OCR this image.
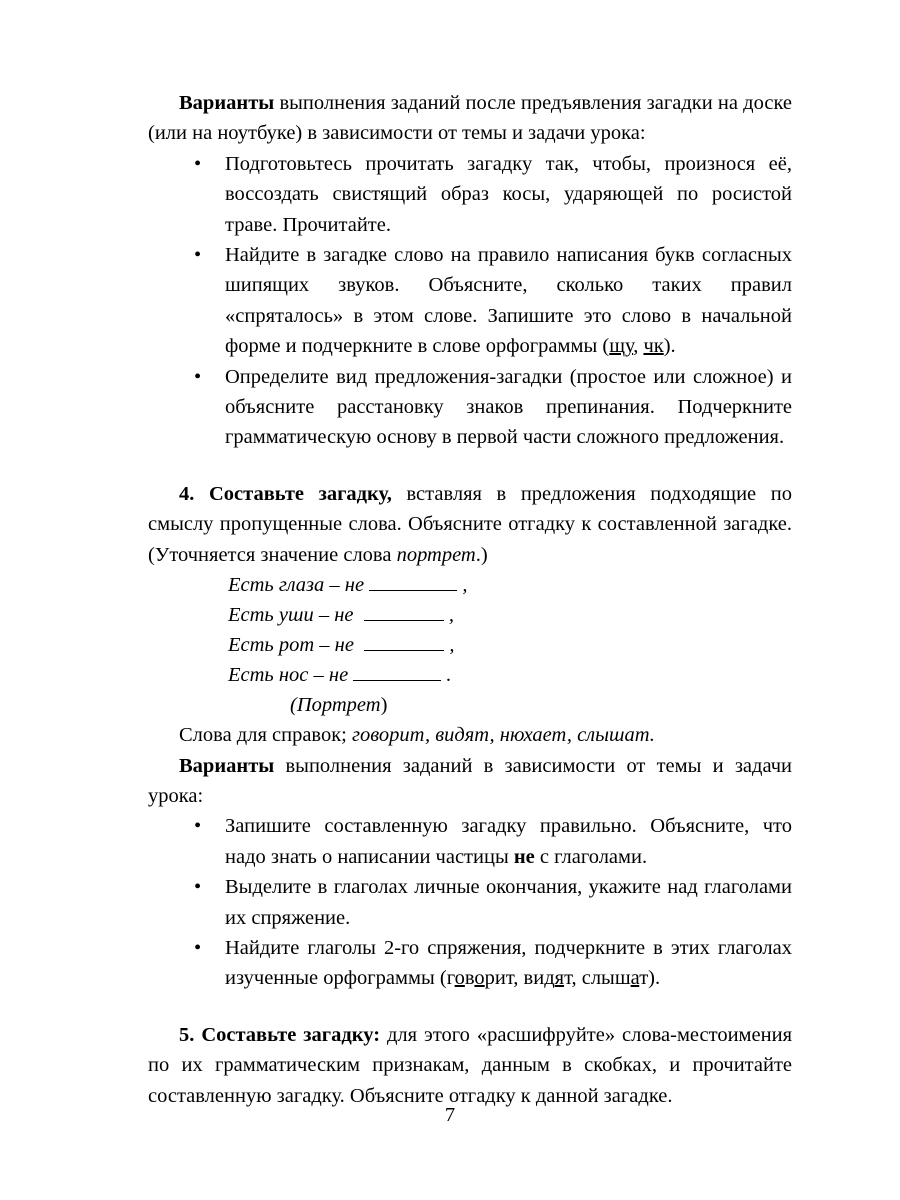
Варианты выполнения заданий после предъявления загадки на доске (или на ноутбуке) в зависимости от темы и задачи урока:

• Подготовьтесь прочитать загадку так, чтобы, произнося её, воссоздать свистящий образ косы, ударяющей по росистой траве. Прочитайте.
• Найдите в загадке слово на правило написания букв согласных шипящих звуков. Объясните, сколько таких правил «спряталось» в этом слове. Запишите это слово в начальной форме и подчеркните в слове орфограммы (щу, чк).
• Определите вид предложения-загадки (простое или сложное) и объясните расстановку знаков препинания. Подчеркните грамматическую основу в первой части сложного предложения.

4. Составьте загадку, вставляя в предложения подходящие по смыслу пропущенные слова. Объясните отгадку к составленной загадке. (Уточняется значение слова портрет.)

Есть глаза – не	,
Есть уши – не	,
Есть рот – не	,
Есть нос – не	.

(Портрет)

Слова для справок; говорит, видят, нюхает, слышат.

Варианты выполнения заданий в зависимости от темы и задачи урока:

• Запишите составленную загадку правильно. Объясните, что надо знать о написании частицы не с глаголами.
• Выделите в глаголах личные окончания, укажите над глаголами их спряжение.
• Найдите глаголы 2-го спряжения, подчеркните в этих глаголах изученные орфограммы (говорит, видят, слышат).

5. Составьте загадку: для этого «расшифруйте» слова-местоимения по их грамматическим признакам, данным в скобках, и прочитайте составленную загадку. Объясните отгадку к данной загадке.

7
